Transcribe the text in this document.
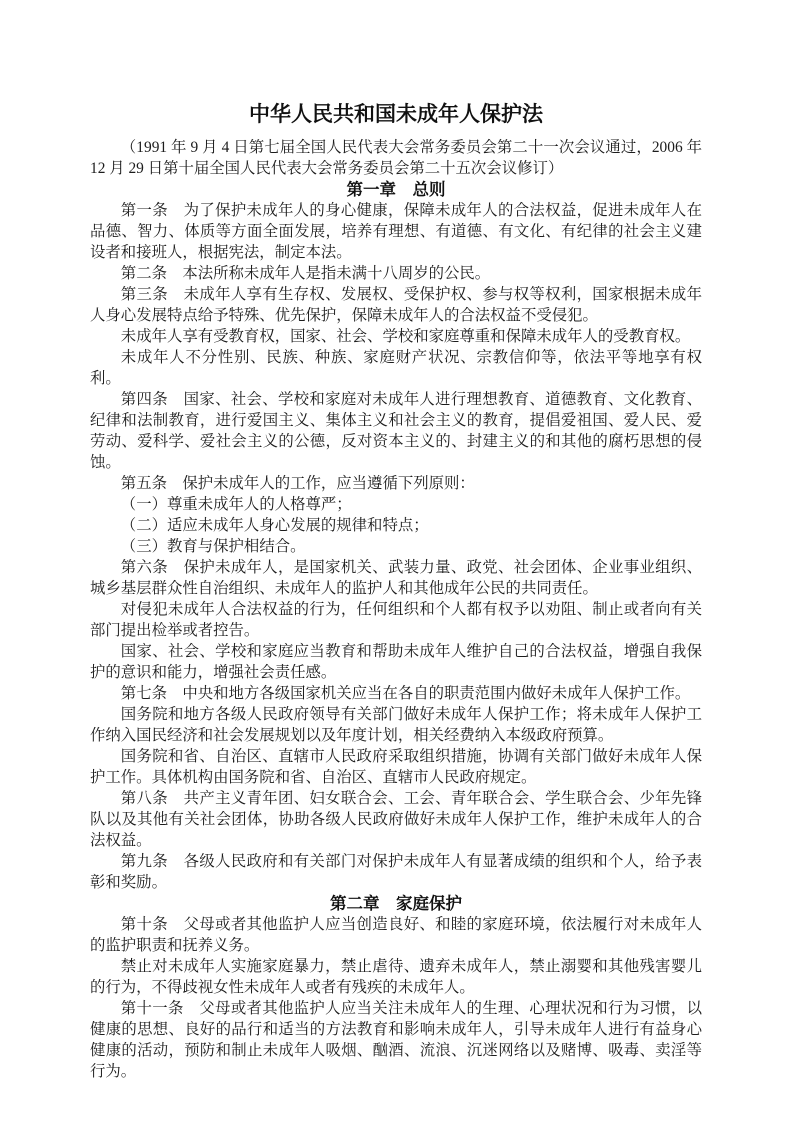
中华人民共和国未成年人保护法

（1991 年 9 月 4 日第七届全国人民代表大会常务委员会第二十一次会议通过，2006 年 12 月 29 日第十届全国人民代表大会常务委员会第二十五次会议修订）

第一章　总则

第一条　为了保护未成年人的身心健康，保障未成年人的合法权益，促进未成年人在品德、智力、体质等方面全面发展，培养有理想、有道德、有文化、有纪律的社会主义建设者和接班人，根据宪法，制定本法。

第二条　本法所称未成年人是指未满十八周岁的公民。

第三条　未成年人享有生存权、发展权、受保护权、参与权等权利，国家根据未成年人身心发展特点给予特殊、优先保护，保障未成年人的合法权益不受侵犯。

未成年人享有受教育权，国家、社会、学校和家庭尊重和保障未成年人的受教育权。

未成年人不分性别、民族、种族、家庭财产状况、宗教信仰等，依法平等地享有权利。

第四条　国家、社会、学校和家庭对未成年人进行理想教育、道德教育、文化教育、纪律和法制教育，进行爱国主义、集体主义和社会主义的教育，提倡爱祖国、爱人民、爱劳动、爱科学、爱社会主义的公德，反对资本主义的、封建主义的和其他的腐朽思想的侵蚀。

第五条　保护未成年人的工作，应当遵循下列原则：

（一）尊重未成年人的人格尊严；

（二）适应未成年人身心发展的规律和特点；

（三）教育与保护相结合。

第六条　保护未成年人，是国家机关、武装力量、政党、社会团体、企业事业组织、城乡基层群众性自治组织、未成年人的监护人和其他成年公民的共同责任。

对侵犯未成年人合法权益的行为，任何组织和个人都有权予以劝阻、制止或者向有关部门提出检举或者控告。

国家、社会、学校和家庭应当教育和帮助未成年人维护自己的合法权益，增强自我保护的意识和能力，增强社会责任感。

第七条　中央和地方各级国家机关应当在各自的职责范围内做好未成年人保护工作。

国务院和地方各级人民政府领导有关部门做好未成年人保护工作；将未成年人保护工作纳入国民经济和社会发展规划以及年度计划，相关经费纳入本级政府预算。

国务院和省、自治区、直辖市人民政府采取组织措施，协调有关部门做好未成年人保护工作。具体机构由国务院和省、自治区、直辖市人民政府规定。

第八条　共产主义青年团、妇女联合会、工会、青年联合会、学生联合会、少年先锋队以及其他有关社会团体，协助各级人民政府做好未成年人保护工作，维护未成年人的合法权益。

第九条　各级人民政府和有关部门对保护未成年人有显著成绩的组织和个人，给予表彰和奖励。

第二章　家庭保护

第十条　父母或者其他监护人应当创造良好、和睦的家庭环境，依法履行对未成年人的监护职责和抚养义务。

禁止对未成年人实施家庭暴力，禁止虐待、遗弃未成年人，禁止溺婴和其他残害婴儿的行为，不得歧视女性未成年人或者有残疾的未成年人。

第十一条　父母或者其他监护人应当关注未成年人的生理、心理状况和行为习惯，以健康的思想、良好的品行和适当的方法教育和影响未成年人，引导未成年人进行有益身心健康的活动，预防和制止未成年人吸烟、酗酒、流浪、沉迷网络以及赌博、吸毒、卖淫等行为。
